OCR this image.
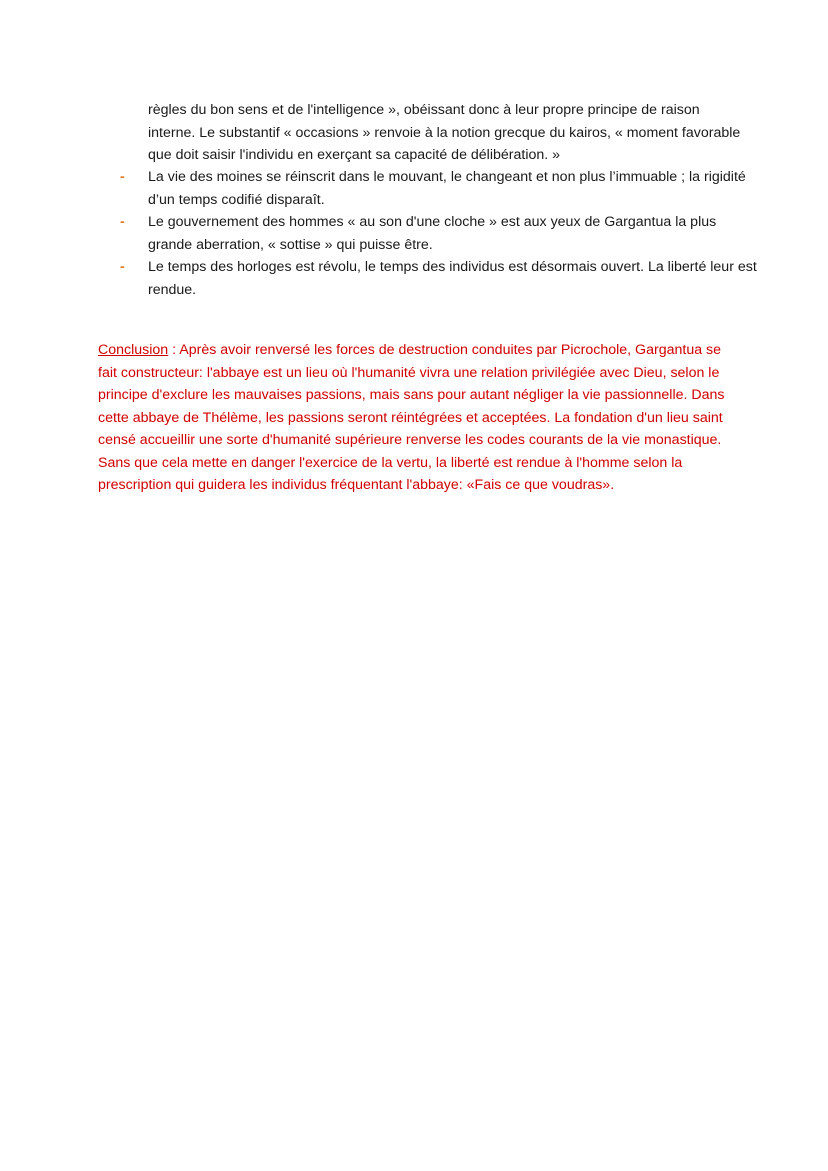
règles du bon sens et de l'intelligence », obéissant donc à leur propre principe de raison interne. Le substantif « occasions » renvoie à la notion grecque du kairos, « moment favorable que doit saisir l'individu en exerçant sa capacité de délibération. »

- La vie des moines se réinscrit dans le mouvant, le changeant et non plus l’immuable ; la rigidité d’un temps codifié disparaît.
- Le gouvernement des hommes « au son d'une cloche » est aux yeux de Gargantua la plus grande aberration, « sottise » qui puisse être.
- Le temps des horloges est révolu, le temps des individus est désormais ouvert. La liberté leur est rendue.

Conclusion : Après avoir renversé les forces de destruction conduites par Picrochole, Gargantua se fait constructeur: l'abbaye est un lieu où l'humanité vivra une relation privilégiée avec Dieu, selon le principe d'exclure les mauvaises passions, mais sans pour autant négliger la vie passionnelle. Dans cette abbaye de Thélème, les passions seront réintégrées et acceptées. La fondation d'un lieu saint censé accueillir une sorte d'humanité supérieure renverse les codes courants de la vie monastique. Sans que cela mette en danger l'exercice de la vertu, la liberté est rendue à l'homme selon la prescription qui guidera les individus fréquentant l'abbaye: «Fais ce que voudras».
